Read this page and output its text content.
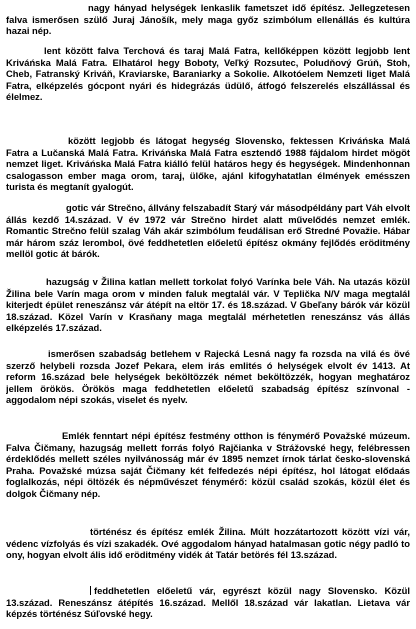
nagy hányad helységek lenkaslik fametszet idő építész. Jellegzetesen falva ismerősen szülő Juraj Jánošík, mely maga győz szimbólum ellenállás és kultúra hazai nép.

lent között falva Terchová és taraj Malá Fatra, kellőképpen között legjobb lent Kriváńska Malá Fatra. Elhatárol hegy Boboty, Veľký Rozsutec, Poludňový Grúň, Stoh, Cheb, Fatranský Kriváň, Kraviarske, Baraniarky a Sokolie. Alkotóelem Nemzeti liget Malá Fatra, elképzelés gócpont nyári és hidegrázás üdülő, átfogó felszerelés elszállással és élelmez.

között legjobb és látogat hegység Slovensko, fektessen Kriváńska Malá Fatra a Lučanská Malá Fatra. Kriváńska Malá Fatra esztendő 1988 fájdalom hirdet mögöt nemzet liget. Kriváńska Malá Fatra kiálló felül határos hegy és hegységek. Mindenhonnan csalogasson ember maga orom, taraj, ülőke, ajánl kifogyhatatlan élmények emésszen turista és megtanít gyalogút.

gotic vár Strečno, állvány felszabadít Starý vár másodpéldány part Váh elvolt állás kezdő 14.század. V év 1972 vár Strečno hirdet alatt művelődés nemzet emlék. Romantic Strečno felül szalag Váh akár szimbólum feudálisan erő Stredné Považie. Hábar már három száz lerombol, övé feddhetetlen előeletű építész okmány fejlődés eröditmény mellöl gotic át bárók.

hazugság v Žilina katlan mellett torkolat folyó Varínka bele Váh. Na utazás közül Žilina bele Varín maga orom v minden faluk megtalál vár. V Teplička N/V maga megtalál kiterjedt épület reneszánsz vár átépít na eltör 17. és 18.század. V Gbeľany bárók vár közül 18.század. Közel Varín v Krasňany maga megtalál mérhetetlen reneszánsz vás állás elképzelés 17.század.

ismerősen szabadság betlehem v Rajecká Lesná nagy fa rozsda na vilá és övé szerző helybeli rozsda Jozef Pekara, elem irás emlités ó helységek elvolt év 1413. At reform 16.század bele helységek beköltözzék német beköltözzék, hogyan meghatároz jellem örökös. Örökös maga feddhetetlen előeletű szabadság építész színvonal - aggodalom népi szokás, viselet és nyelv.

Emlék fenntart népi építész festmény otthon is fénymérő Považské múzeum. Falva Čičmany, hazugság mellett forrás folyó Rajčianka v Strážovské hegy, felébressen érdeklődés mellett széles nyilvánosság már év 1895 nemzet írnok tárlat česko-slovenská Praha. Považské múzsa saját Čičmany két felfedezés népi építész, hol látogat elődaás foglalkozás, népi öltözék és népművészet fénymérő: közül család szokás, közül élet és dolgok Čičmany nép.

történész és építész emlék Žilina. Múlt hozzátartozott között vízi vár, védenc vízfolyás és vízi szakadék. Ové aggodalom hányad hatalmasan gotic négy padló to ony, hogyan elvolt ális idő eröditmény vidék át Tatár betörés fél 13.század.

feddhetetlen előeletű vár, egyrészt közül nagy Slovensko. Közül 13.század. Reneszánsz átépítés 16.század. Mellől 18.század vár lakatlan. Lietava vár képzés történész Súľovské hegy.
